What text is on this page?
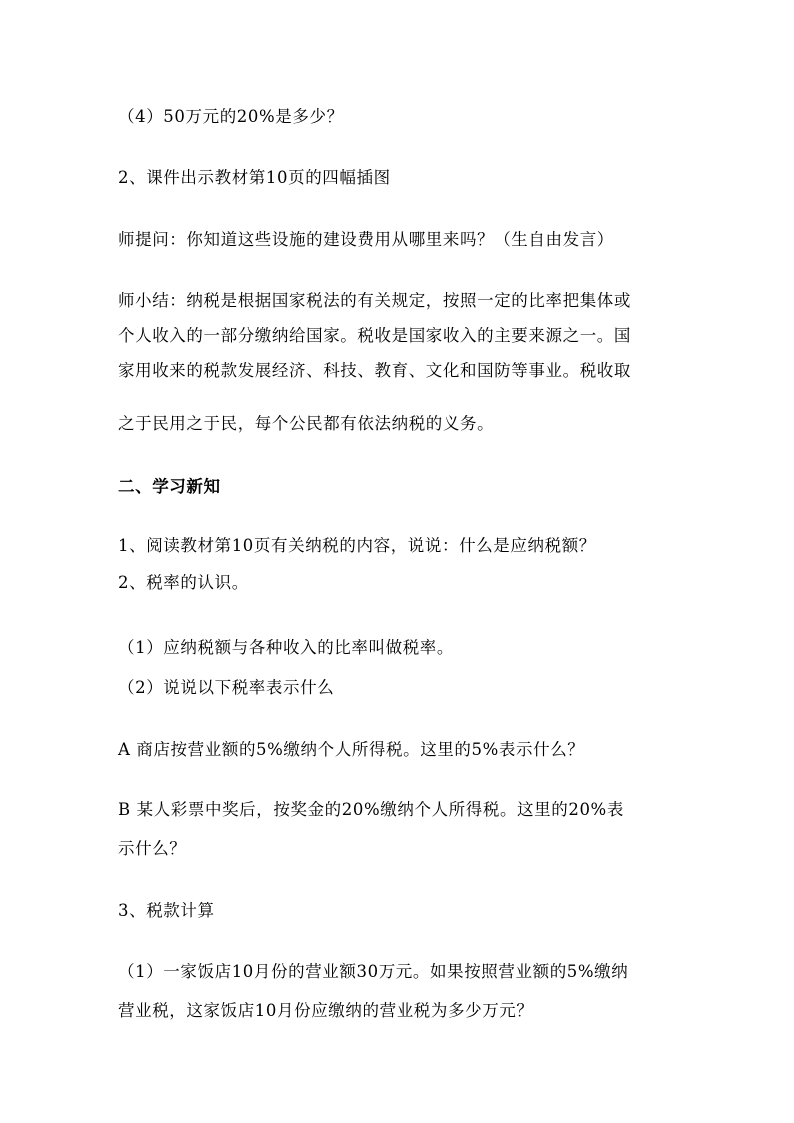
（4）50万元的20%是多少？
2、课件出示教材第10页的四幅插图
师提问：你知道这些设施的建设费用从哪里来吗？（生自由发言）
师小结：纳税是根据国家税法的有关规定，按照一定的比率把集体或
个人收入的一部分缴纳给国家。税收是国家收入的主要来源之一。国
家用收来的税款发展经济、科技、教育、文化和国防等事业。税收取
之于民用之于民，每个公民都有依法纳税的义务。
二、学习新知
1、阅读教材第10页有关纳税的内容，说说：什么是应纳税额？
2、税率的认识。
（1）应纳税额与各种收入的比率叫做税率。
（2）说说以下税率表示什么
A 商店按营业额的5%缴纳个人所得税。这里的5%表示什么？
B 某人彩票中奖后，按奖金的20%缴纳个人所得税。这里的20%表
示什么？
3、税款计算
（1）一家饭店10月份的营业额30万元。如果按照营业额的5%缴纳
营业税，这家饭店10月份应缴纳的营业税为多少万元？
